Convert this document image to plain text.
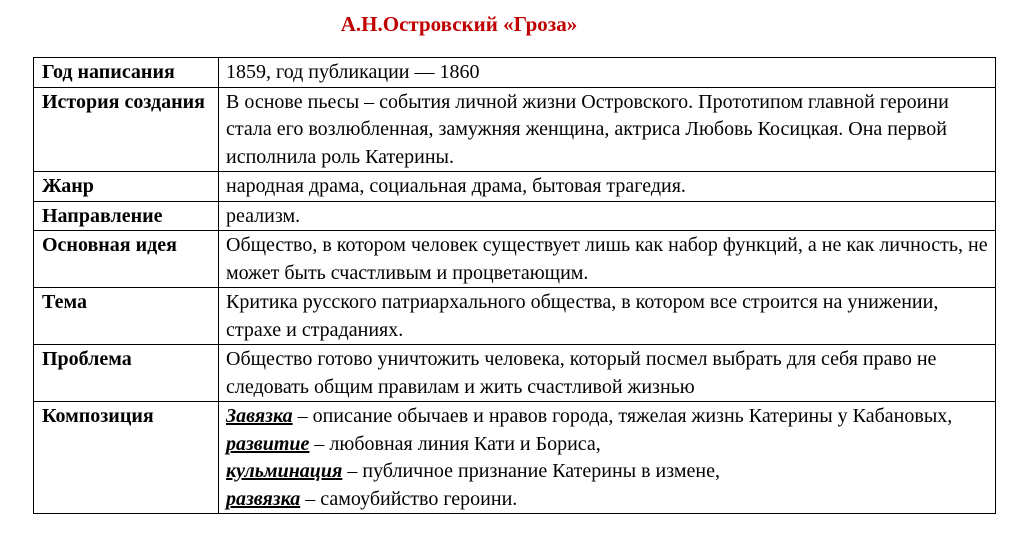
А.Н.Островский «Гроза»
Год написания	1859, год публикации — 1860
История создания	В основе пьесы – события личной жизни Островского. Прототипом главной героини стала его возлюбленная, замужняя женщина, актриса Любовь Косицкая. Она первой исполнила роль Катерины.
Жанр	народная драма, социальная драма, бытовая трагедия.
Направление	реализм.
Основная идея	Общество, в котором человек существует лишь как набор функций, а не как личность, не может быть счастливым и процветающим.
Тема	Критика русского патриархального общества, в котором все строится на унижении, страхе и страданиях.
Проблема	Общество готово уничтожить человека, который посмел выбрать для себя право не следовать общим правилам и жить счастливой жизнью
Композиция	Завязка – описание обычаев и нравов города, тяжелая жизнь Катерины у Кабановых,
развитие – любовная линия Кати и Бориса,
кульминация – публичное признание Катерины в измене,
развязка – самоубийство героини.
